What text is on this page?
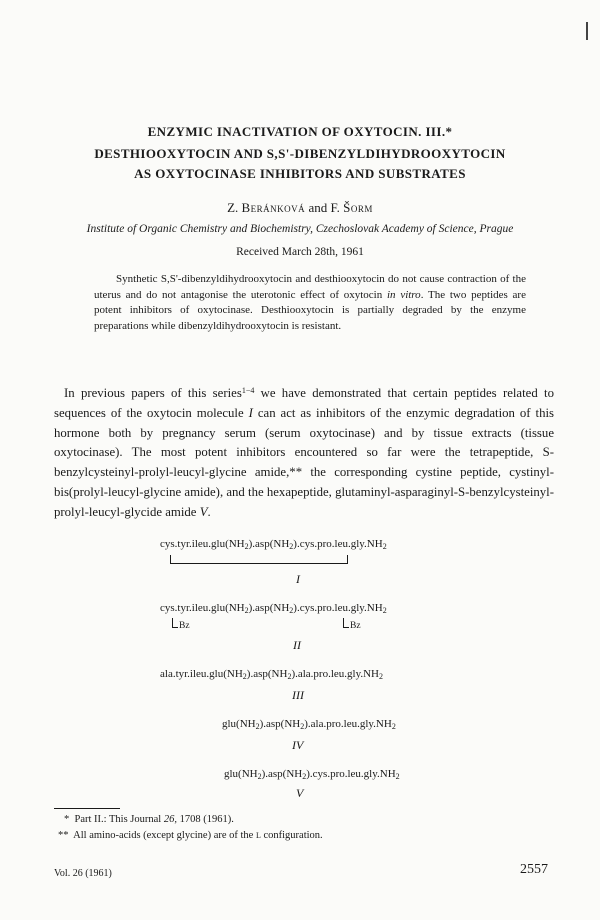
ENZYMIC INACTIVATION OF OXYTOCIN. III.*
DESTHIOOXYTOCIN AND S,S'-DIBENZYLDIHYDROOXYTOCIN
AS OXYTOCINASE INHIBITORS AND SUBSTRATES
Z. Beránková and F. Šorm
Institute of Organic Chemistry and Biochemistry, Czechoslovak Academy of Science, Prague
Received March 28th, 1961
Synthetic S,S'-dibenzyldihydrooxytocin and desthiooxytocin do not cause contraction of the uterus and do not antagonise the uterotonic effect of oxytocin in vitro. The two peptides are potent inhibitors of oxytocinase. Desthiooxytocin is partially degraded by the enzyme preparations while dibenzyldihydrooxytocin is resistant.
In previous papers of this series$^{1-4}$ we have demonstrated that certain peptides related to sequences of the oxytocin molecule I can act as inhibitors of the enzymic degradation of this hormone both by pregnancy serum (serum oxytocinase) and by tissue extracts (tissue oxytocinase). The most potent inhibitors encountered so far were the tetrapeptide, S-benzylcysteinyl-prolyl-leucyl-glycine amide,** the corresponding cystine peptide, cystinyl-bis(prolyl-leucyl-glycine amide), and the hexapeptide, glutaminyl-asparaginyl-S-benzylcysteinyl-prolyl-leucyl-glycide amide V.
$cys.tyr.ileu.glu(NH_2).asp(NH_2).cys.pro.leu.gly.NH_2$
I
$cys.tyr.ileu.glu(NH_2).asp(NH_2).cys.pro.leu.gly.NH_2$
Bz	Bz
II
$ala.tyr.ileu.glu(NH_2).asp(NH_2).ala.pro.leu.gly.NH_2$
III
$glu(NH_2).asp(NH_2).ala.pro.leu.gly.NH_2$
IV
$glu(NH_2).asp(NH_2).cys.pro.leu.gly.NH_2$
V
* Part II.: This Journal 26, 1708 (1961).
** All amino-acids (except glycine) are of the L configuration.
Vol. 26 (1961)	2557
